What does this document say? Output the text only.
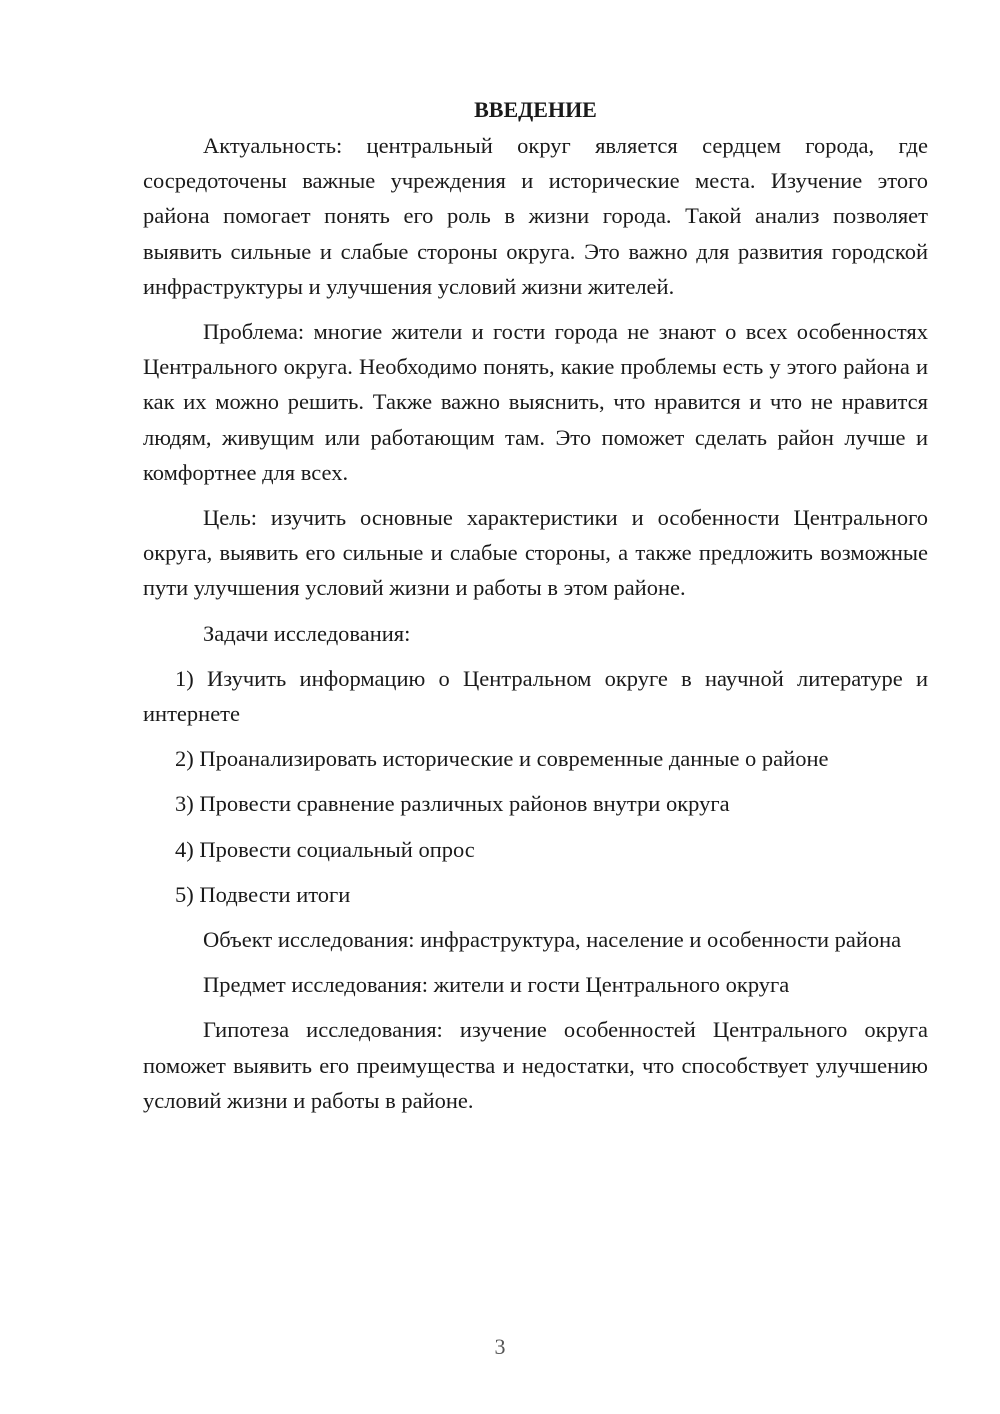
ВВЕДЕНИЕ

Актуальность: центральный округ является сердцем города, где сосредоточены важные учреждения и исторические места. Изучение этого района помогает понять его роль в жизни города. Такой анализ позволяет выявить сильные и слабые стороны округа. Это важно для развития городской инфраструктуры и улучшения условий жизни жителей.

Проблема: многие жители и гости города не знают о всех особенностях Центрального округа. Необходимо понять, какие проблемы есть у этого района и как их можно решить. Также важно выяснить, что нравится и что не нравится людям, живущим или работающим там. Это поможет сделать район лучше и комфортнее для всех.

Цель: изучить основные характеристики и особенности Центрального округа, выявить его сильные и слабые стороны, а также предложить возможные пути улучшения условий жизни и работы в этом районе.

Задачи исследования:

1) Изучить информацию о Центральном округе в научной литературе и интернете

2) Проанализировать исторические и современные данные о районе

3) Провести сравнение различных районов внутри округа

4) Провести социальный опрос

5) Подвести итоги

Объект исследования: инфраструктура, население и особенности района

Предмет исследования: жители и гости Центрального округа

Гипотеза исследования: изучение особенностей Центрального округа поможет выявить его преимущества и недостатки, что способствует улучшению условий жизни и работы в районе.

3
